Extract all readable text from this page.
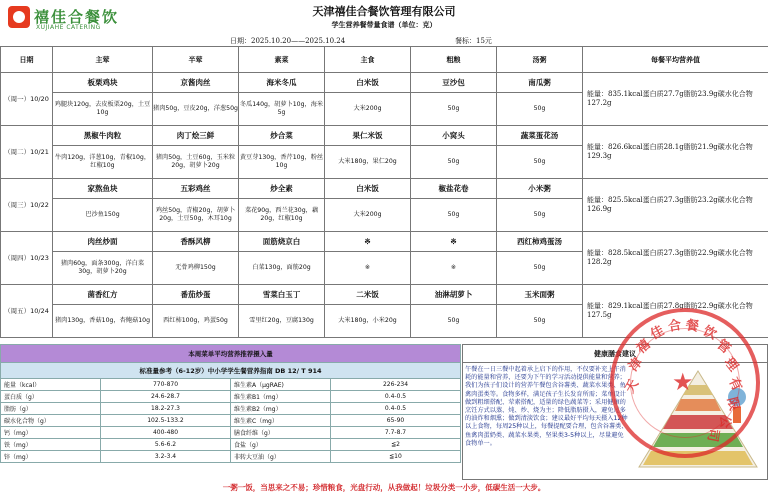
禧佳合餐饮
XUJIAHE CATERING
天津禧佳合餐饮管理有限公司
学生营养餐带量食谱（单位：克）
日期：2025.10.20——2025.10.24	餐标：15元
日期	主荤	半荤	素菜	主食	粗粮	汤粥	每餐平均营养值
（周一）10/20	板栗鸡块	京酱肉丝	海米冬瓜	白米饭	豆沙包	南瓜粥	能量：835.1kcal蛋白质27.7g脂肪23.9g碳水化合物127.2g
	鸡腿块120g，去皮板栗20g，土豆10g	猪肉50g，豆皮20g，洋葱50g	冬瓜140g，胡萝卜10g，海米5g	大米200g	50g	50g	
（周二）10/21	黑椒牛肉粒	肉丁烩三鲜	炒合菜	果仁米饭	小窝头	蔬菜蛋花汤	能量：826.6kcal蛋白质28.1g脂肪21.9g碳水化合物129.3g
	牛肉120g，洋葱10g，青椒10g，红椒10g	猪肉50g，土豆60g，玉米粒20g，胡萝卜20g	黄豆芽130g，香芹10g，粉丝10g	大米180g，果仁20g	50g	50g	
（周三）10/22	家熬鱼块	五彩鸡丝	炒全素	白米饭	椒盐花卷	小米粥	能量：825.5kcal蛋白质27.3g脂肪23.2g碳水化合物126.9g
	巴沙鱼150g	鸡丝50g，青椒20g，胡萝卜20g，土豆50g，木耳10g	菜花90g，西兰花30g，藕20g，红椒10g	大米200g	50g	50g	
（周四）10/23	肉丝炒面	香酥风柳	面筋烧京白	※	※	西红柿鸡蛋汤	能量：828.5kcal蛋白质27.3g脂肪22.9g碳水化合物128.2g
	猪肉60g，面条300g，洋白菜30g，胡萝卜20g	无骨鸡柳150g	白菜130g，面筋20g	※	※	50g	
（周五）10/24	菌香红方	番茄炒蛋	雪菜白玉丁	二米饭	油淋胡萝卜	玉米面粥	能量：829.1kcal蛋白质27.8g脂肪22.9g碳水化合物127.5g
	猪肉130g，香菇10g，杏鲍菇10g	西红柿100g，鸡蛋50g	雪里红20g，豆腐130g	大米180g，小米20g	50g	50g	
本周菜单平均营养推荐摄入量			
标准量参考（6-12岁）中小学学生餐营养指南 DB 12/ T 914			
能量（kcal）	770-870	维生素A（μgRAE)	226-234
蛋白质（g）	24.6-28.7	维生素B1（mg）	0.4-0.5
脂肪（g）	18.2-27.3	维生素B2（mg）	0.4-0.5
碳水化合物（g）	102.5-133.2	维生素C（mg）	65-90
钙（mg）	400-480	膳食纤维（g）	7.7-8.7
铁（mg）	5.6-6.2	食盐（g）	≦2
锌（mg）	3.2-3.4	非转大豆油（g）	≦10
健康膳食建议
午餐在一日三餐中起着承上启下的作用，不仅要补充上午消耗的能量和营养，还要为下午的学习活动提供能量和营养；我们为孩子们设计的营养午餐包含谷薯类、蔬菜水果类、鱼禽肉蛋类等。食物多样，满足孩子生长发育所需；菜单设计做到粗细搭配、荤素搭配，适量的绿色蔬菜等；采用健康的烹饪方式以蒸、炖、炒、烧为主；降低脂肪摄入，避免过多的油炸和烟熏；做到清淡饮食；建议最好平均每天摄入12种以上食物，每周25种以上，每餐提配要合理，包含谷薯类、鱼禽肉蛋奶类、蔬菜水果类，坚果类3-5种以上，尽量避免食物单一。
★
天
津
禧
佳 合 餐 饮
管
理
有
限
公
司
一粥一饭，当思来之不易；珍惜粮食，光盘行动，从我做起！垃圾分类一小步，低碳生活一大步。
